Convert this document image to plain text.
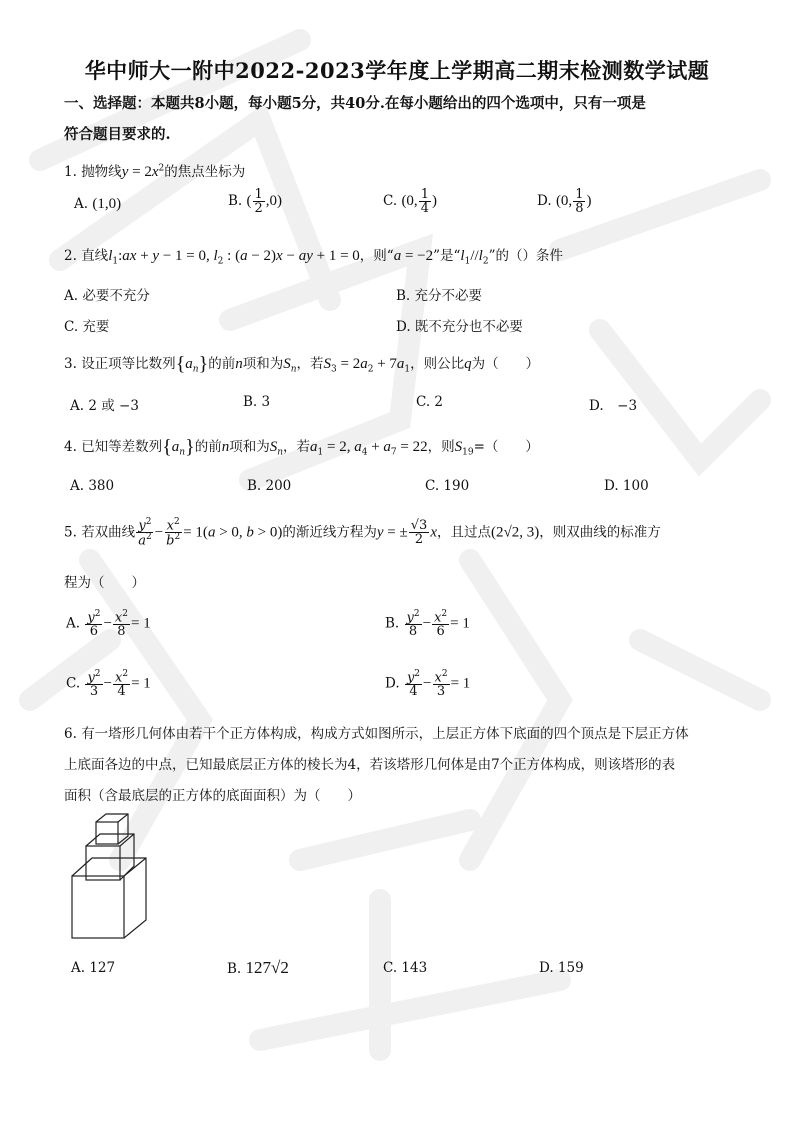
华中师大一附中2022-2023学年度上学期高二期末检测数学试题
一、选择题：本题共8小题，每小题5分，共40分.在每小题给出的四个选项中，只有一项是
符合题目要求的.
1. 抛物线$y = 2x^2$的焦点坐标为
A. (1,0)	B. ( $\frac{1}{2} ,0$)	C. (0, $\frac{1}{4}$ )	D. (0, $\frac{1}{8}$ )
2. 直线$l_1:ax + y - 1 = 0$, $l_2$ : (a − 2)x − ay + 1 = 0，则“a = −2”是“$l_1//l_2$”的（）条件
A. 必要不充分	B. 充分不必要
C. 充要	D. 既不充分也不必要
3. 设正项等比数列$\{a_n\}$的前n项和为$S_n$，若$S_3 = 2a_2 + 7a_1$，则公比q为（　　）
A. 2 或 −3	B. 3	C. 2	D.　−3
4. 已知等差数列$\{a_n\}$的前n项和为$S_n$，若$a_1 = 2$, $a_4 + a_7 = 22$，则$S_{19}=$（　　）
A. 380	B. 200	C. 190	D. 100
5. 若双曲线 $\frac{y^2}{a^2} - \frac{x^2}{b^2} = 1(a > 0$, b > 0)的渐近线方程为y = ± $\frac{√3}{2}$ x，且过点(2√2, 3)，则双曲线的标准方
程为（　　）
A. $\frac{y^2}{6} - \frac{x^2}{8} = 1$	B. $\frac{y^2}{8} - \frac{x^2}{6} = 1$
C. $\frac{y^2}{3} - \frac{x^2}{4} = 1$	D. $\frac{y^2}{4} - \frac{x^2}{3} = 1$
6. 有一塔形几何体由若干个正方体构成，构成方式如图所示，上层正方体下底面的四个顶点是下层正方体
上底面各边的中点，已知最底层正方体的棱长为4，若该塔形几何体是由7个正方体构成，则该塔形的表
面积（含最底层的正方体的底面面积）为（　　）
A. 127	B. 127√2	C. 143	D. 159
